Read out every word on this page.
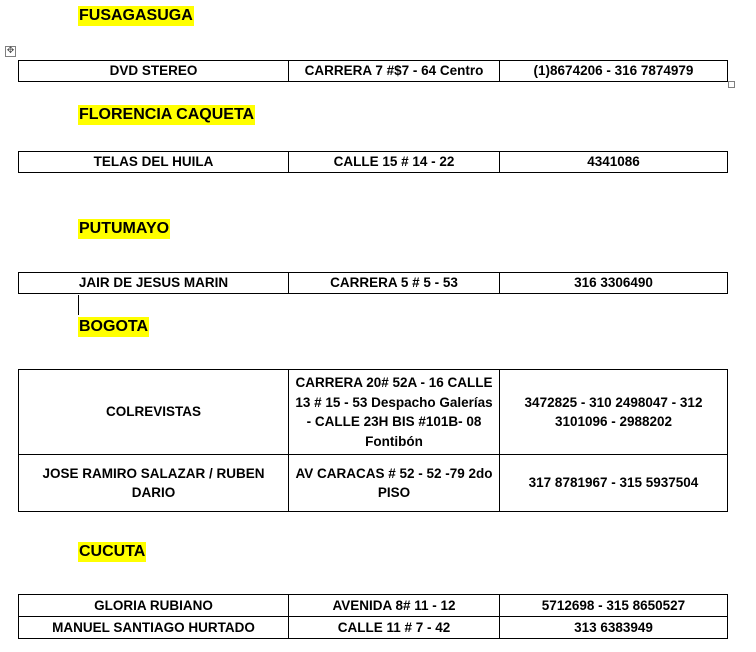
FUSAGASUGA
✥
DVD STEREO	CARRERA 7 #$7 - 64 Centro	(1)8674206 - 316 7874979
FLORENCIA CAQUETA
TELAS DEL HUILA	CALLE 15 # 14 - 22	4341086
PUTUMAYO
JAIR DE JESUS MARIN	CARRERA 5 # 5 - 53	316 3306490
BOGOTA
COLREVISTAS	CARRERA 20# 52A - 16 CALLE 13 # 15 - 53 Despacho Galerías - CALLE 23H BIS #101B- 08 Fontibón	3472825 - 310 2498047 - 312 3101096 - 2988202
JOSE RAMIRO SALAZAR / RUBEN DARIO	AV CARACAS # 52 - 52 -79 2do PISO	317 8781967 - 315 5937504
CUCUTA
GLORIA RUBIANO	AVENIDA 8# 11 - 12	5712698 - 315 8650527
MANUEL SANTIAGO HURTADO	CALLE 11 # 7 - 42	313 6383949
